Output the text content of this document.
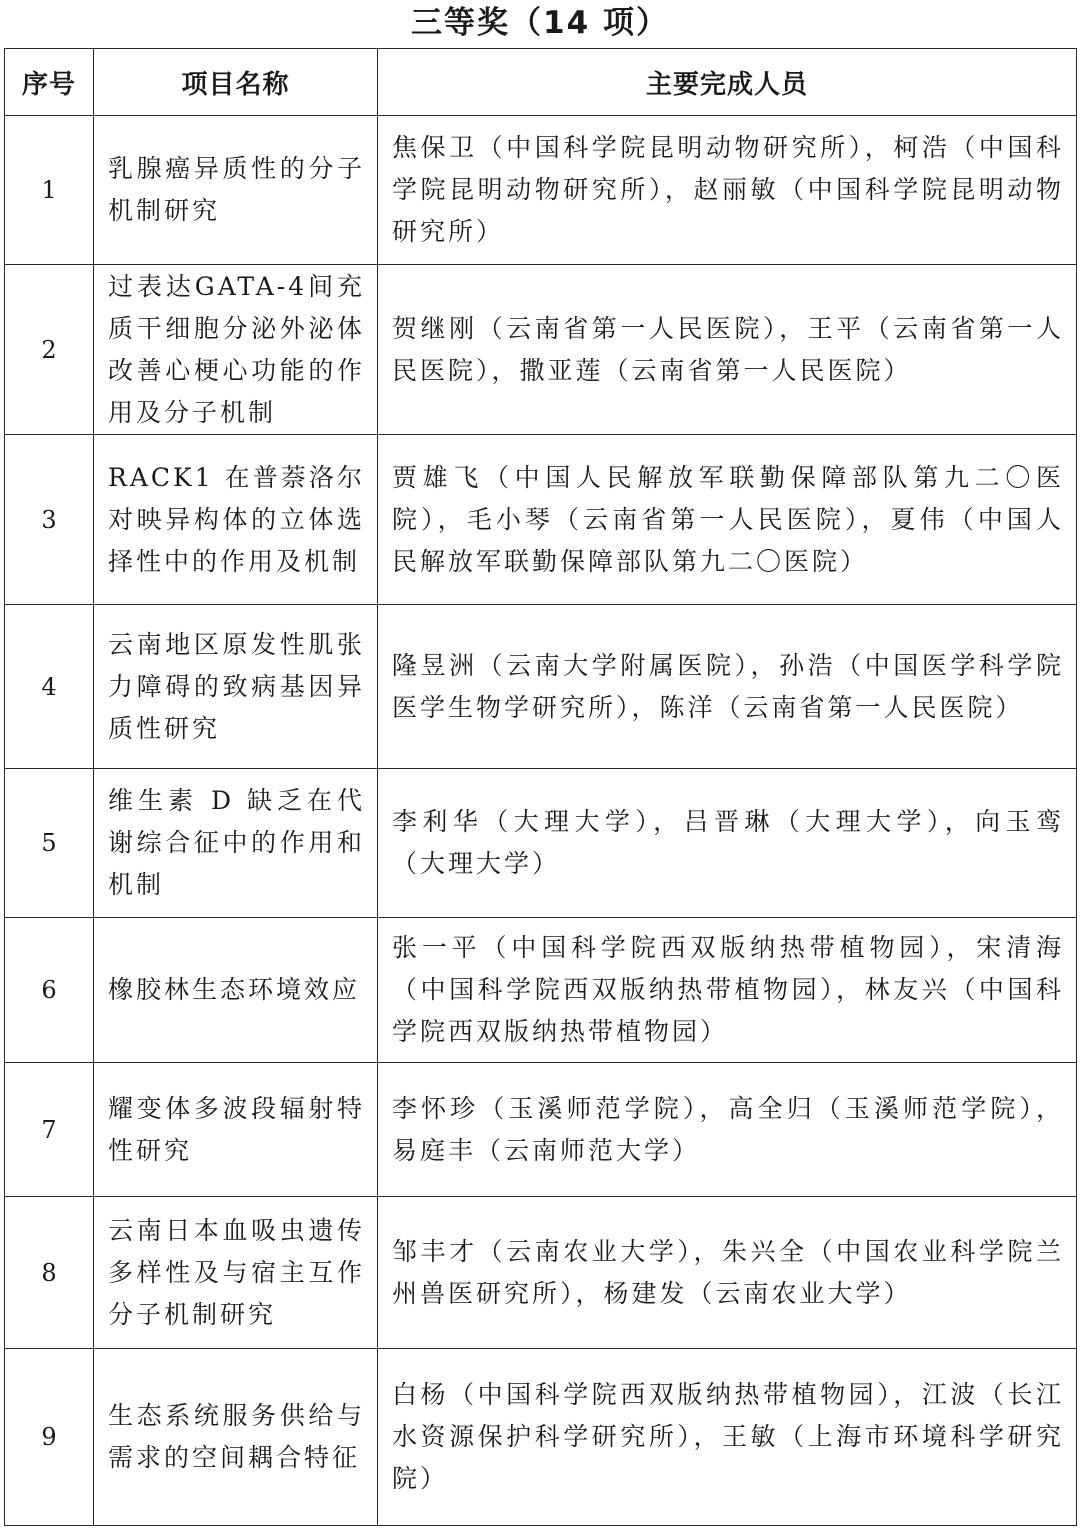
三等奖（14 项）
序号	项目名称	主要完成人员
1	乳腺癌异质性的分子机制研究	焦保卫（中国科学院昆明动物研究所），柯浩（中国科学院昆明动物研究所），赵丽敏（中国科学院昆明动物研究所）

2	过表达GATA-4间充质干细胞分泌外泌体改善心梗心功能的作用及分子机制	贺继刚（云南省第一人民医院），王平（云南省第一人民医院），撒亚莲（云南省第一人民医院）

3	RACK1 在普萘洛尔对映异构体的立体选择性中的作用及机制	贾雄飞（中国人民解放军联勤保障部队第九二〇医院），毛小琴（云南省第一人民医院），夏伟（中国人民解放军联勤保障部队第九二〇医院）

4	云南地区原发性肌张力障碍的致病基因异质性研究	隆昱洲（云南大学附属医院），孙浩（中国医学科学院医学生物学研究所），陈洋（云南省第一人民医院）

5	维生素 D 缺乏在代谢综合征中的作用和机制	李利华（大理大学），吕晋琳（大理大学），向玉鸾（大理大学）

6	橡胶林生态环境效应	张一平（中国科学院西双版纳热带植物园），宋清海（中国科学院西双版纳热带植物园），林友兴（中国科学院西双版纳热带植物园）

7	耀变体多波段辐射特性研究	李怀珍（玉溪师范学院），高全归（玉溪师范学院），易庭丰（云南师范大学）

8	云南日本血吸虫遗传多样性及与宿主互作分子机制研究	邹丰才（云南农业大学），朱兴全（中国农业科学院兰州兽医研究所），杨建发（云南农业大学）

9	生态系统服务供给与需求的空间耦合特征	白杨（中国科学院西双版纳热带植物园），江波（长江水资源保护科学研究所），王敏（上海市环境科学研究院）
